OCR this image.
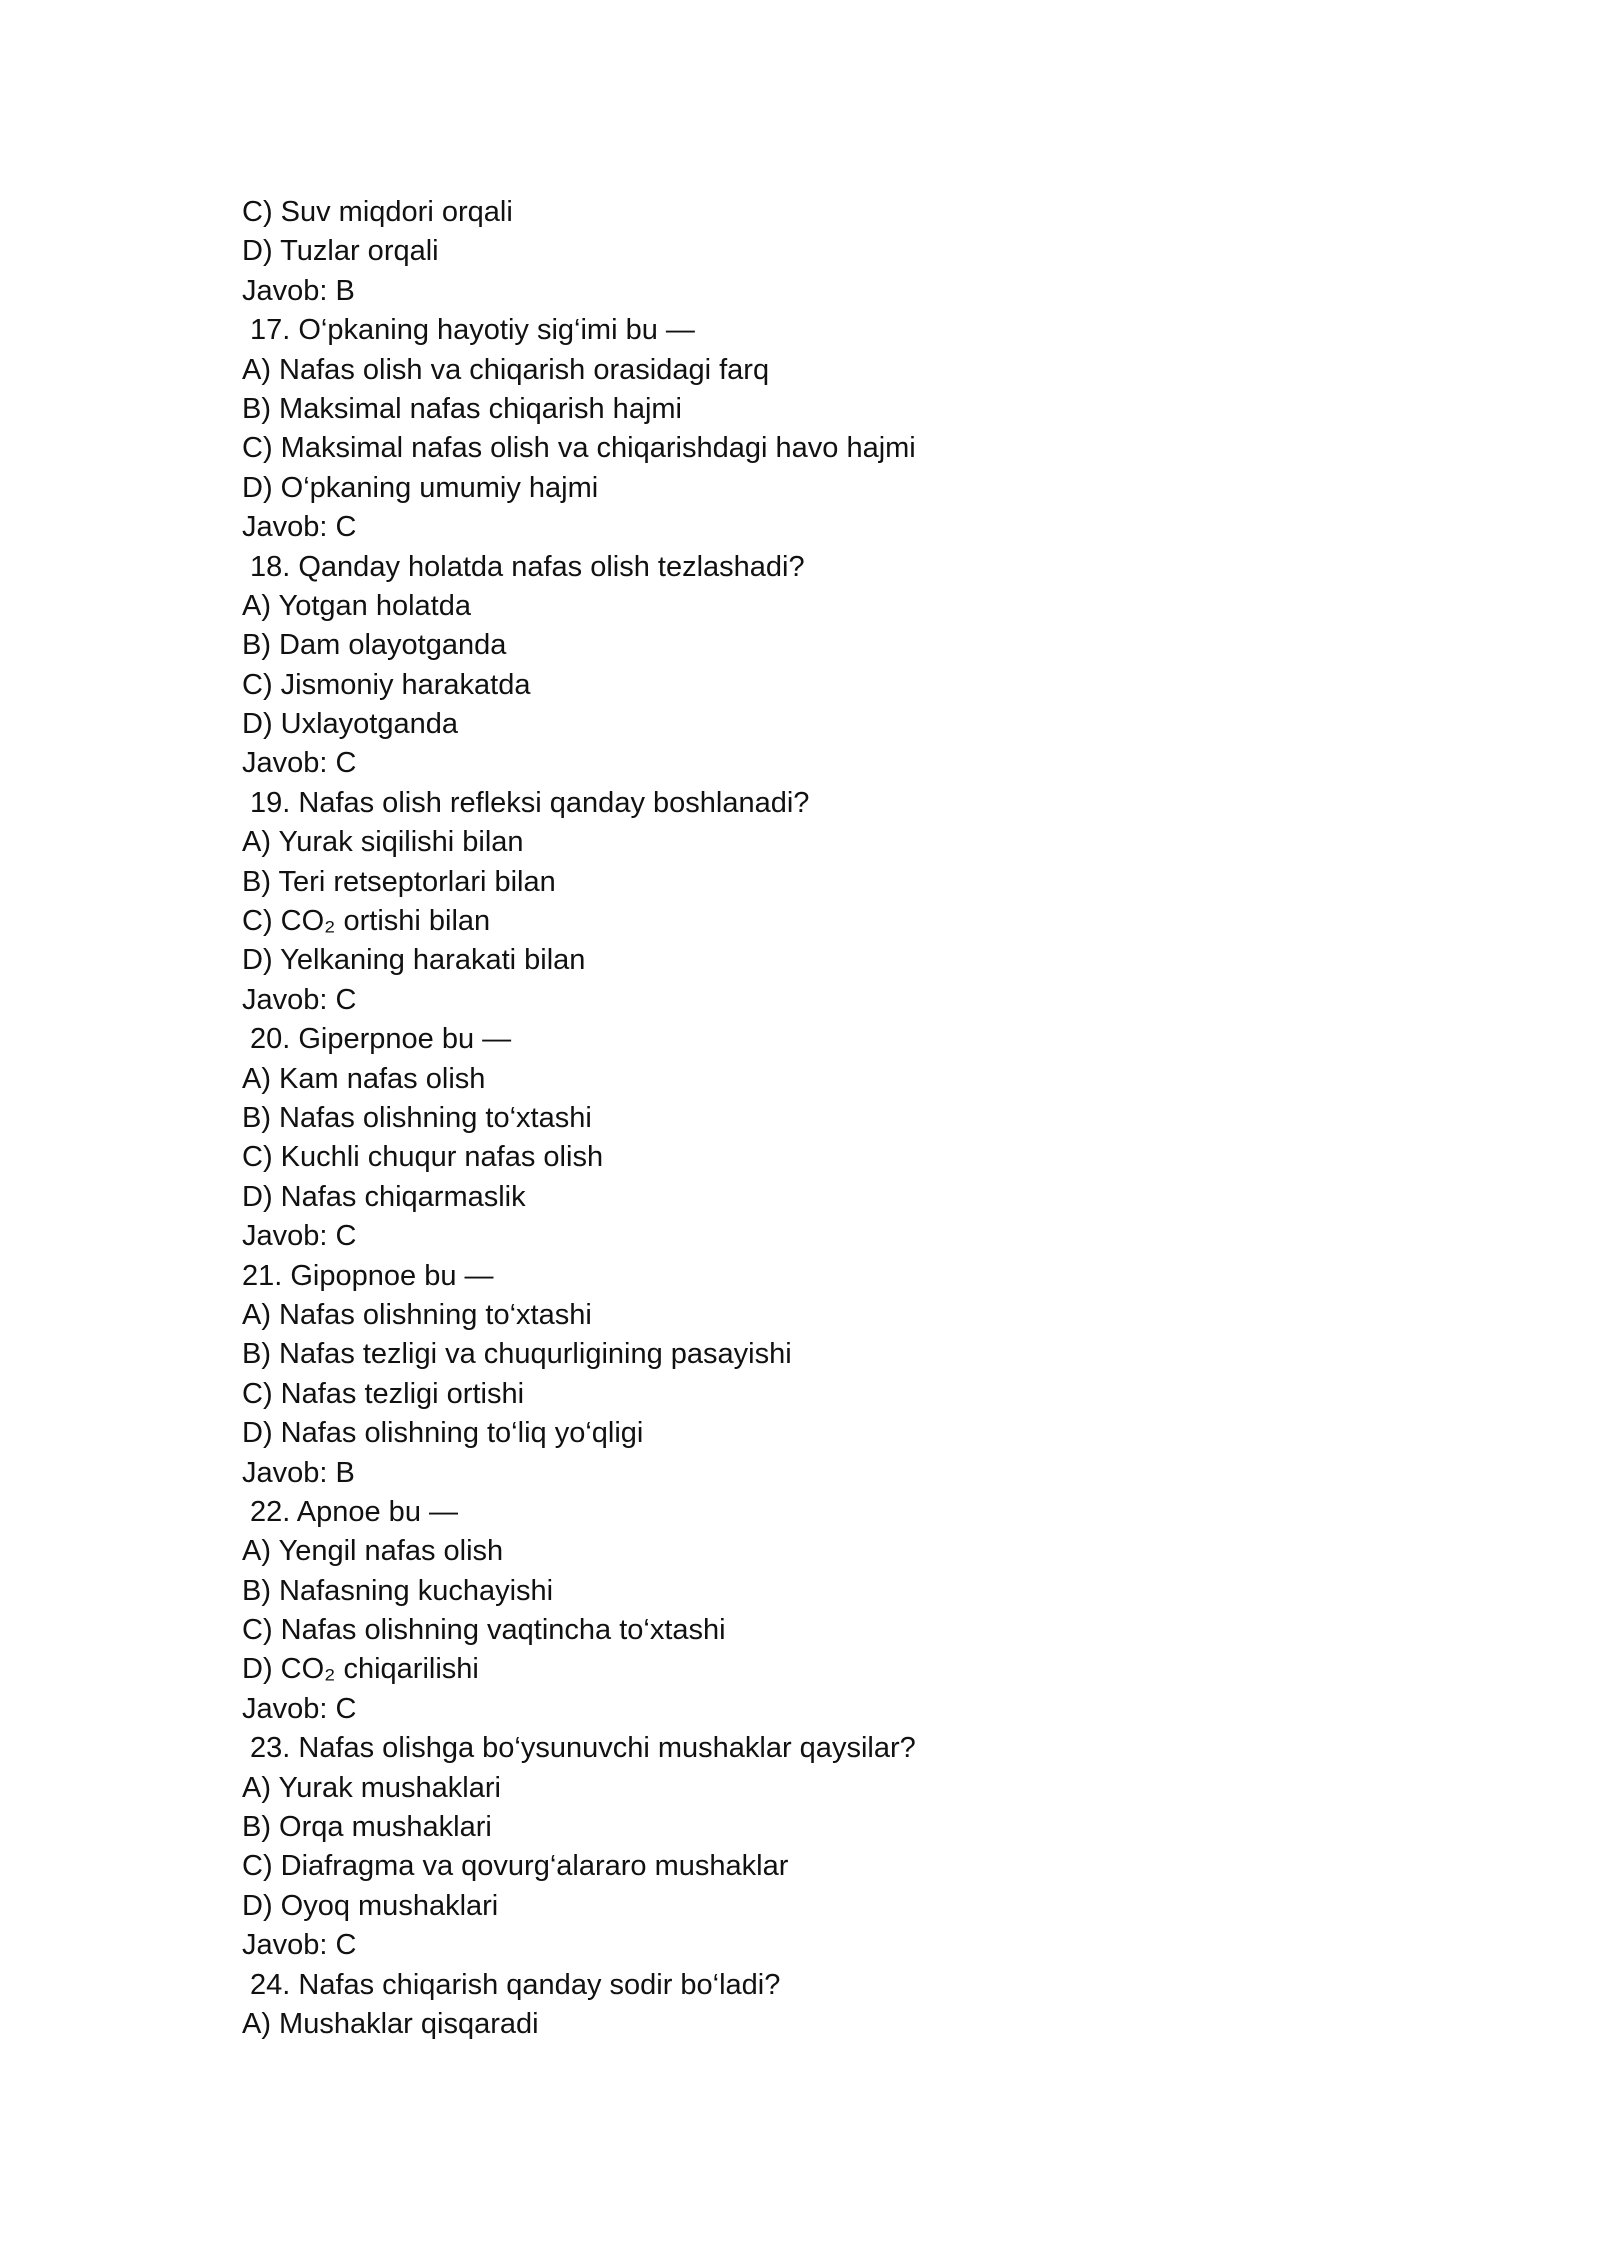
C) Suv miqdori orqali
D) Tuzlar orqali
Javob: B
17. O‘pkaning hayotiy sig‘imi bu —
A) Nafas olish va chiqarish orasidagi farq
B) Maksimal nafas chiqarish hajmi
C) Maksimal nafas olish va chiqarishdagi havo hajmi
D) O‘pkaning umumiy hajmi
Javob: C
18. Qanday holatda nafas olish tezlashadi?
A) Yotgan holatda
B) Dam olayotganda
C) Jismoniy harakatda
D) Uxlayotganda
Javob: C
19. Nafas olish refleksi qanday boshlanadi?
A) Yurak siqilishi bilan
B) Teri retseptorlari bilan
C) CO₂ ortishi bilan
D) Yelkaning harakati bilan
Javob: C
20. Giperpnoe bu —
A) Kam nafas olish
B) Nafas olishning to‘xtashi
C) Kuchli chuqur nafas olish
D) Nafas chiqarmaslik
Javob: C
21. Gipopnoe bu —
A) Nafas olishning to‘xtashi
B) Nafas tezligi va chuqurligining pasayishi
C) Nafas tezligi ortishi
D) Nafas olishning to‘liq yo‘qligi
Javob: B
22. Apnoe bu —
A) Yengil nafas olish
B) Nafasning kuchayishi
C) Nafas olishning vaqtincha to‘xtashi
D) CO₂ chiqarilishi
Javob: C
23. Nafas olishga bo‘ysunuvchi mushaklar qaysilar?
A) Yurak mushaklari
B) Orqa mushaklari
C) Diafragma va qovurg‘alararo mushaklar
D) Oyoq mushaklari
Javob: C
24. Nafas chiqarish qanday sodir bo‘ladi?
A) Mushaklar qisqaradi
